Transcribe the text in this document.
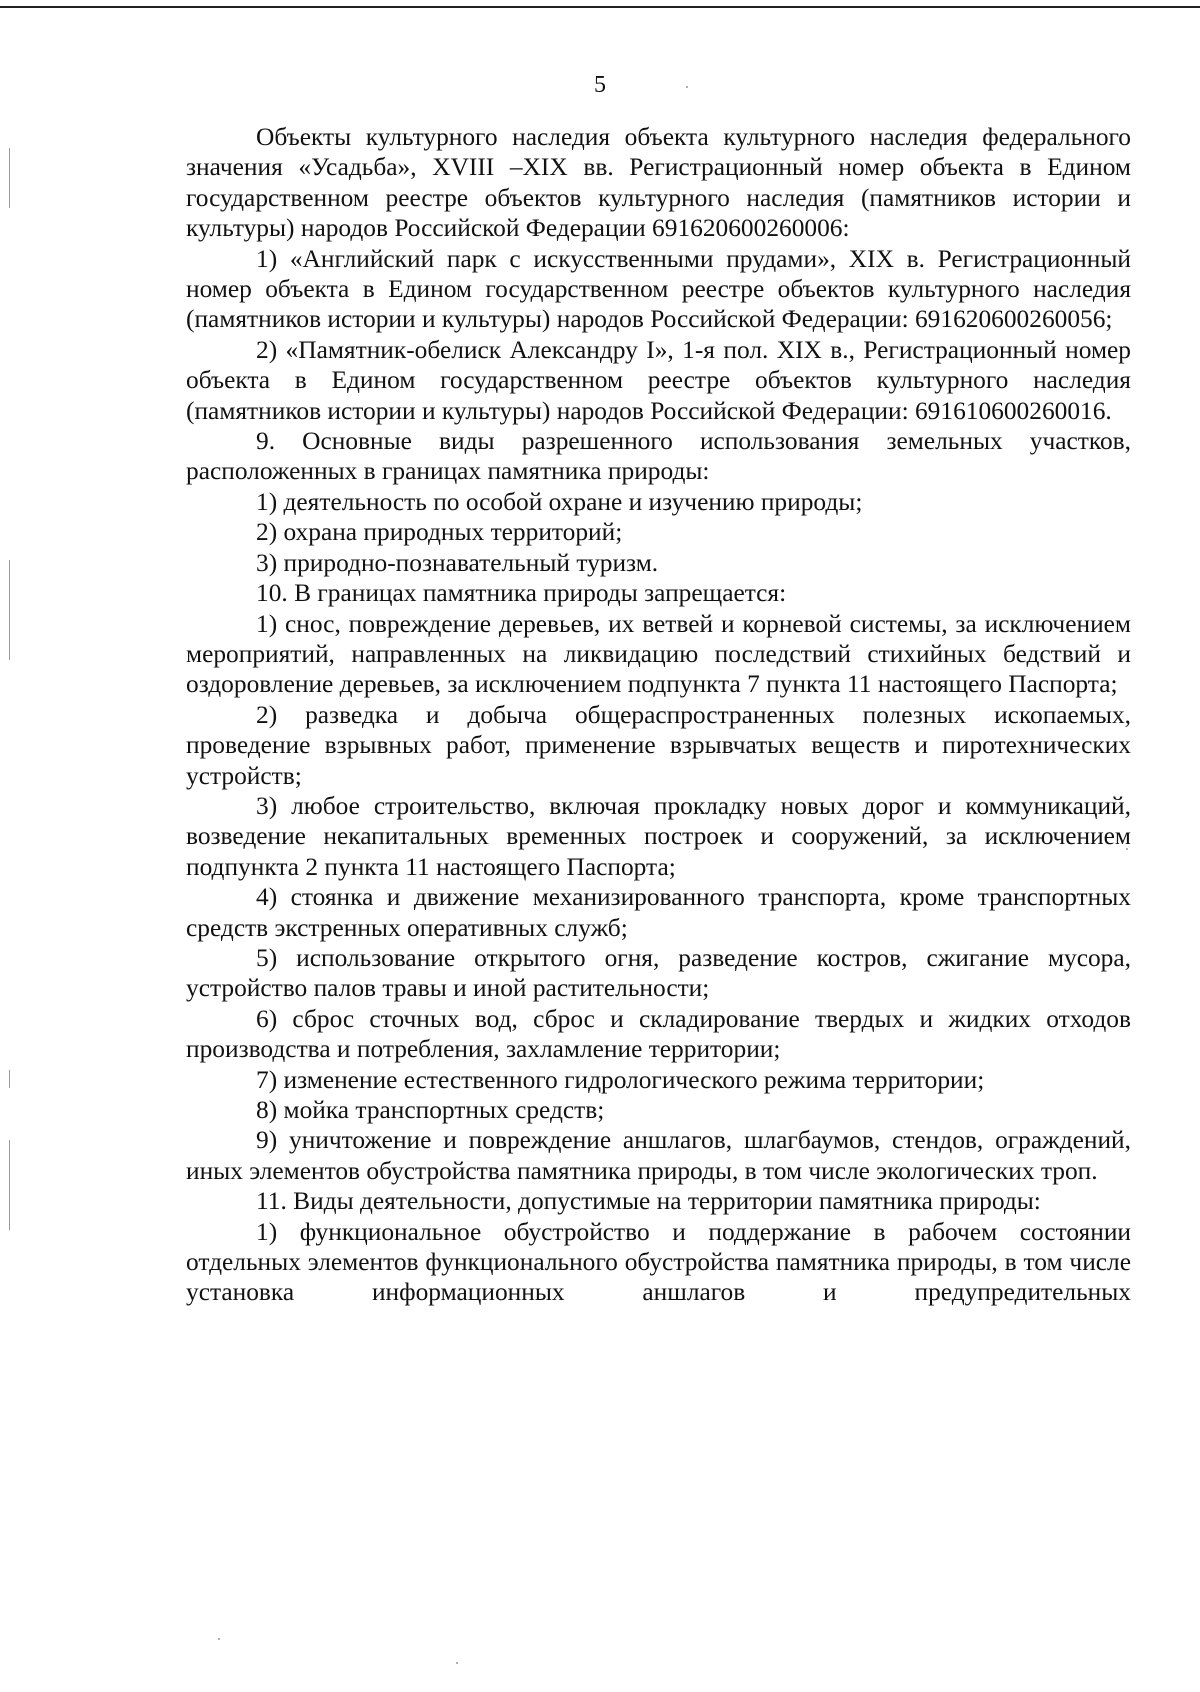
5

Объекты культурного наследия объекта культурного наследия федерального значения «Усадьба», XVIII –XIX вв. Регистрационный номер объекта в Едином государственном реестре объектов культурного наследия (памятников истории и культуры) народов Российской Федерации 691620600260006:

1) «Английский парк с искусственными прудами», XIX в. Регистрационный номер объекта в Едином государственном реестре объектов культурного наследия (памятников истории и культуры) народов Российской Федерации: 691620600260056;

2) «Памятник-обелиск Александру I», 1-я пол. XIX в., Регистрационный номер объекта в Едином государственном реестре объектов культурного наследия (памятников истории и культуры) народов Российской Федерации: 691610600260016.

9. Основные виды разрешенного использования земельных участков, расположенных в границах памятника природы:

1) деятельность по особой охране и изучению природы;

2) охрана природных территорий;

3) природно-познавательный туризм.

10. В границах памятника природы запрещается:

1) снос, повреждение деревьев, их ветвей и корневой системы, за исключением мероприятий, направленных на ликвидацию последствий стихийных бедствий и оздоровление деревьев, за исключением подпункта 7 пункта 11 настоящего Паспорта;

2) разведка и добыча общераспространенных полезных ископаемых, проведение взрывных работ, применение взрывчатых веществ и пиротехнических устройств;

3) любое строительство, включая прокладку новых дорог и коммуникаций, возведение некапитальных временных построек и сооружений, за исключением подпункта 2 пункта 11 настоящего Паспорта;

4) стоянка и движение механизированного транспорта, кроме транспортных средств экстренных оперативных служб;

5) использование открытого огня, разведение костров, сжигание мусора, устройство палов травы и иной растительности;

6) сброс сточных вод, сброс и складирование твердых и жидких отходов производства и потребления, захламление территории;

7) изменение естественного гидрологического режима территории;

8) мойка транспортных средств;

9) уничтожение и повреждение аншлагов, шлагбаумов, стендов, ограждений, иных элементов обустройства памятника природы, в том числе экологических троп.

11. Виды деятельности, допустимые на территории памятника природы:

1) функциональное обустройство и поддержание в рабочем состоянии отдельных элементов функционального обустройства памятника природы, в том числе установка информационных аншлагов и предупредительных
